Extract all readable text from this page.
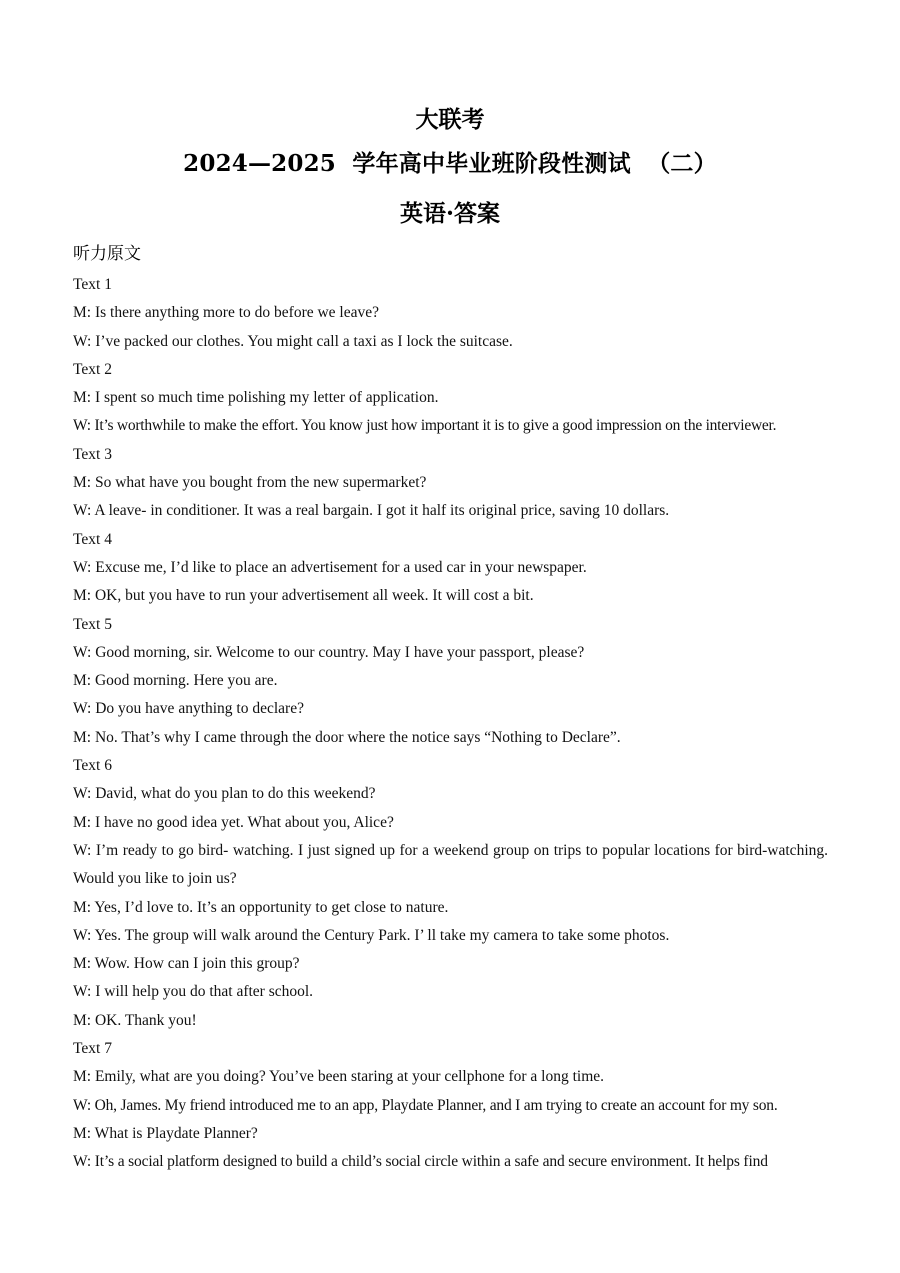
大联考
2024—2025  学年高中毕业班阶段性测试  （二）
英语·答案
听力原文
Text 1
M: Is there anything more to do before we leave?
W: I’ve packed our clothes. You might call a taxi as I lock the suitcase.
Text 2
M: I spent so much time polishing my letter of application.
W: It’s worthwhile to make the effort. You know just how important it is to give a good impression on the interviewer.
Text 3
M: So what have you bought from the new supermarket?
W: A leave- in conditioner. It was a real bargain. I got it half its original price, saving 10 dollars.
Text 4
W: Excuse me, I’d like to place an advertisement for a used car in your newspaper.
M: OK, but you have to run your advertisement all week. It will cost a bit.
Text 5
W: Good morning, sir. Welcome to our country. May I have your passport, please?
M: Good morning. Here you are.
W: Do you have anything to declare?
M: No. That’s why I came through the door where the notice says “Nothing to Declare”.
Text 6
W: David, what do you plan to do this weekend?
M: I have no good idea yet. What about you, Alice?
W: I’m ready to go bird- watching. I just signed up for a weekend group on trips to popular locations for bird-watching. Would you like to join us?
M: Yes, I’d love to. It’s an opportunity to get close to nature.
W: Yes. The group will walk around the Century Park. I’ ll take my camera to take some photos.
M: Wow. How can I join this group?
W: I will help you do that after school.
M: OK. Thank you!
Text 7
M: Emily, what are you doing? You’ve been staring at your cellphone for a long time.
W: Oh, James. My friend introduced me to an app, Playdate Planner, and I am trying to create an account for my son.
M: What is Playdate Planner?
W: It’s a social platform designed to build a child’s social circle within a safe and secure environment. It helps find
